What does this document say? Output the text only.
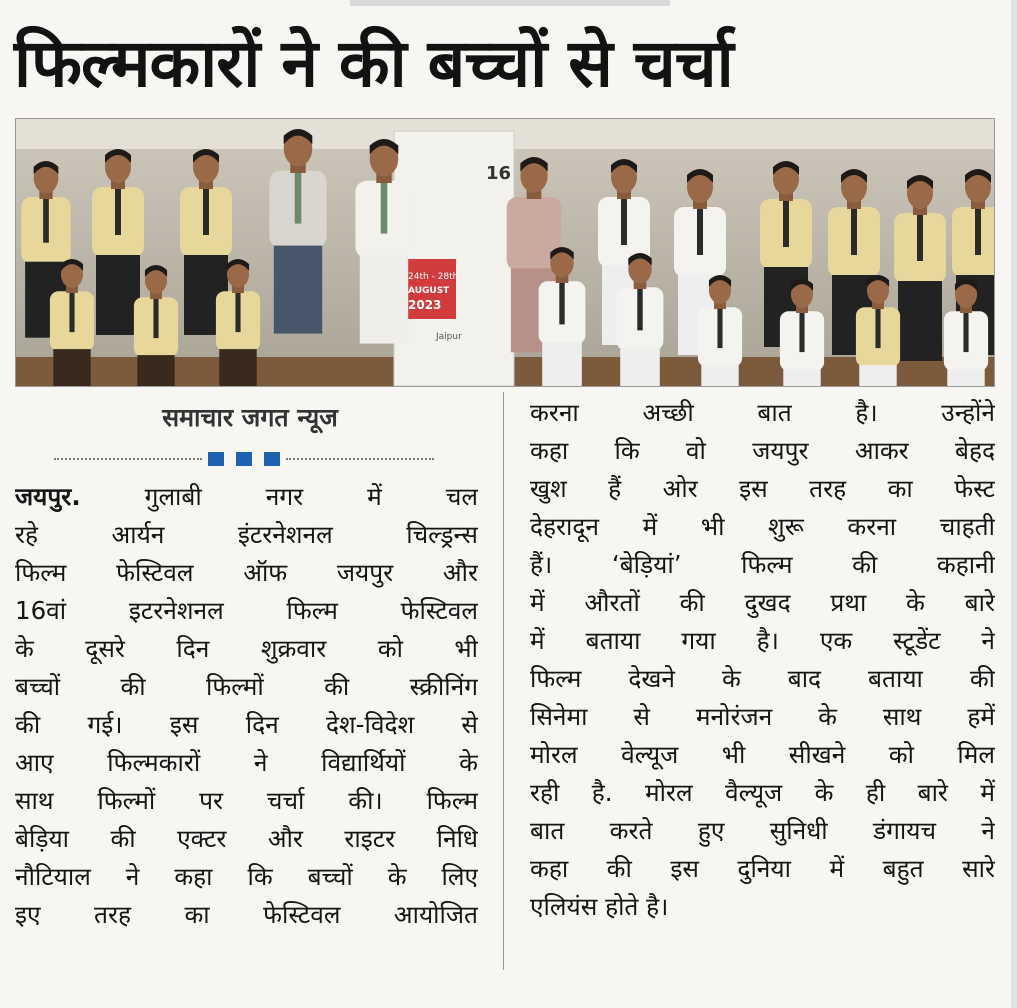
फिल्मकारों ने की बच्चों से चर्चा
16
24th - 28th
AUGUST
2023
Jaipur
समाचार जगत न्यूज
जयपुर.	गुलाबी नगर में चल
रहे आर्यन इंटरनेशनल चिल्ड्रन्स
फिल्म फेस्टिवल ऑफ जयपुर और
16वां इटरनेशनल फिल्म फेस्टिवल
के दूसरे दिन शुक्रवार को भी
बच्चों की फिल्मों की स्क्रीनिंग
की गई। इस दिन देश-विदेश से
आए फिल्मकारों ने विद्यार्थियों के
साथ फिल्मों पर चर्चा की। फिल्म
बेड़िया की एक्टर और राइटर निधि
नौटियाल ने कहा कि बच्चों के लिए
इए तरह का फेस्टिवल आयोजित
करना अच्छी बात है। उन्होंने
कहा कि वो जयपुर आकर बेहद
खुश हैं ओर इस तरह का फेस्ट
देहरादून में भी शुरू करना चाहती
हैं। ‘बेड़ियां’ फिल्म की कहानी
में औरतों की दुखद प्रथा के बारे
में बताया गया है। एक स्टूडेंट ने
फिल्म देखने के बाद बताया की
सिनेमा से मनोरंजन के साथ हमें
मोरल वेल्यूज भी सीखने को मिल
रही है. मोरल वैल्यूज के ही बारे में
बात करते हुए सुनिधी डंगायच ने
कहा की इस दुनिया में बहुत सारे
एलियंस होते है।
